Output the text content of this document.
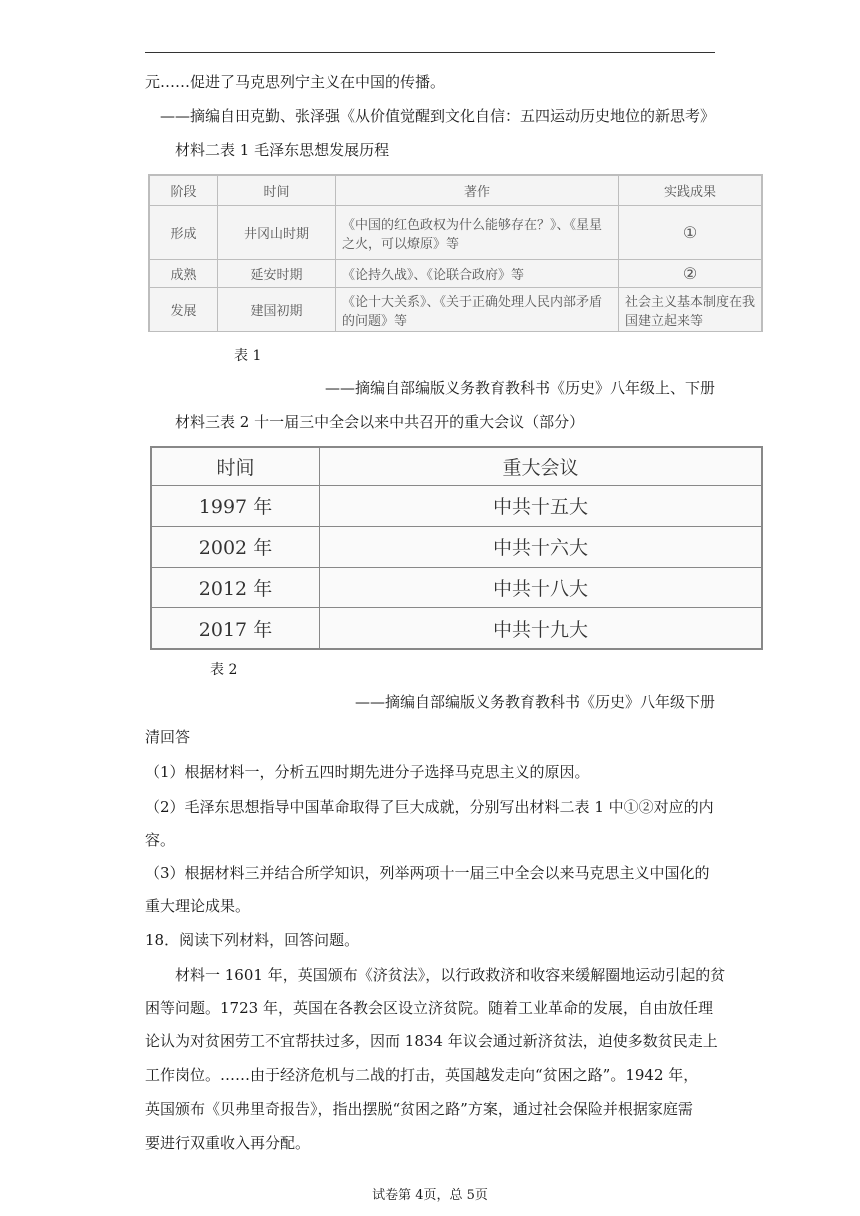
元……促进了马克思列宁主义在中国的传播。
——摘编自田克勤、张泽强《从价值觉醒到文化自信：五四运动历史地位的新思考》
材料二表 1 毛泽东思想发展历程
阶段	时间	著作	实践成果
形成	井冈山时期	《中国的红色政权为什么能够存在？》、《星星之火，可以燎原》等	①
成熟	延安时期	《论持久战》、《论联合政府》等	②
发展	建国初期	《论十大关系》、《关于正确处理人民内部矛盾的问题》等	社会主义基本制度在我国建立起来等
表 1
——摘编自部编版义务教育教科书《历史》八年级上、下册
材料三表 2 十一届三中全会以来中共召开的重大会议（部分）
时间	重大会议
1997 年	中共十五大
2002 年	中共十六大
2012 年	中共十八大
2017 年	中共十九大
表 2
——摘编自部编版义务教育教科书《历史》八年级下册
清回答
（1）根据材料一，分析五四时期先进分子选择马克思主义的原因。
（2）毛泽东思想指导中国革命取得了巨大成就，分别写出材料二表 1 中①②对应的内
容。
（3）根据材料三并结合所学知识，列举两项十一届三中全会以来马克思主义中国化的
重大理论成果。
18．阅读下列材料，回答问题。
材料一 1601 年，英国颁布《济贫法》，以行政救济和收容来缓解圈地运动引起的贫
困等问题。1723 年，英国在各教会区设立济贫院。随着工业革命的发展，自由放任理
论认为对贫困劳工不宜帮扶过多，因而 1834 年议会通过新济贫法，迫使多数贫民走上
工作岗位。……由于经济危机与二战的打击，英国越发走向“贫困之路”。1942 年，
英国颁布《贝弗里奇报告》，指出摆脱“贫困之路”方案，通过社会保险并根据家庭需
要进行双重收入再分配。
试卷第 4页，总 5页
